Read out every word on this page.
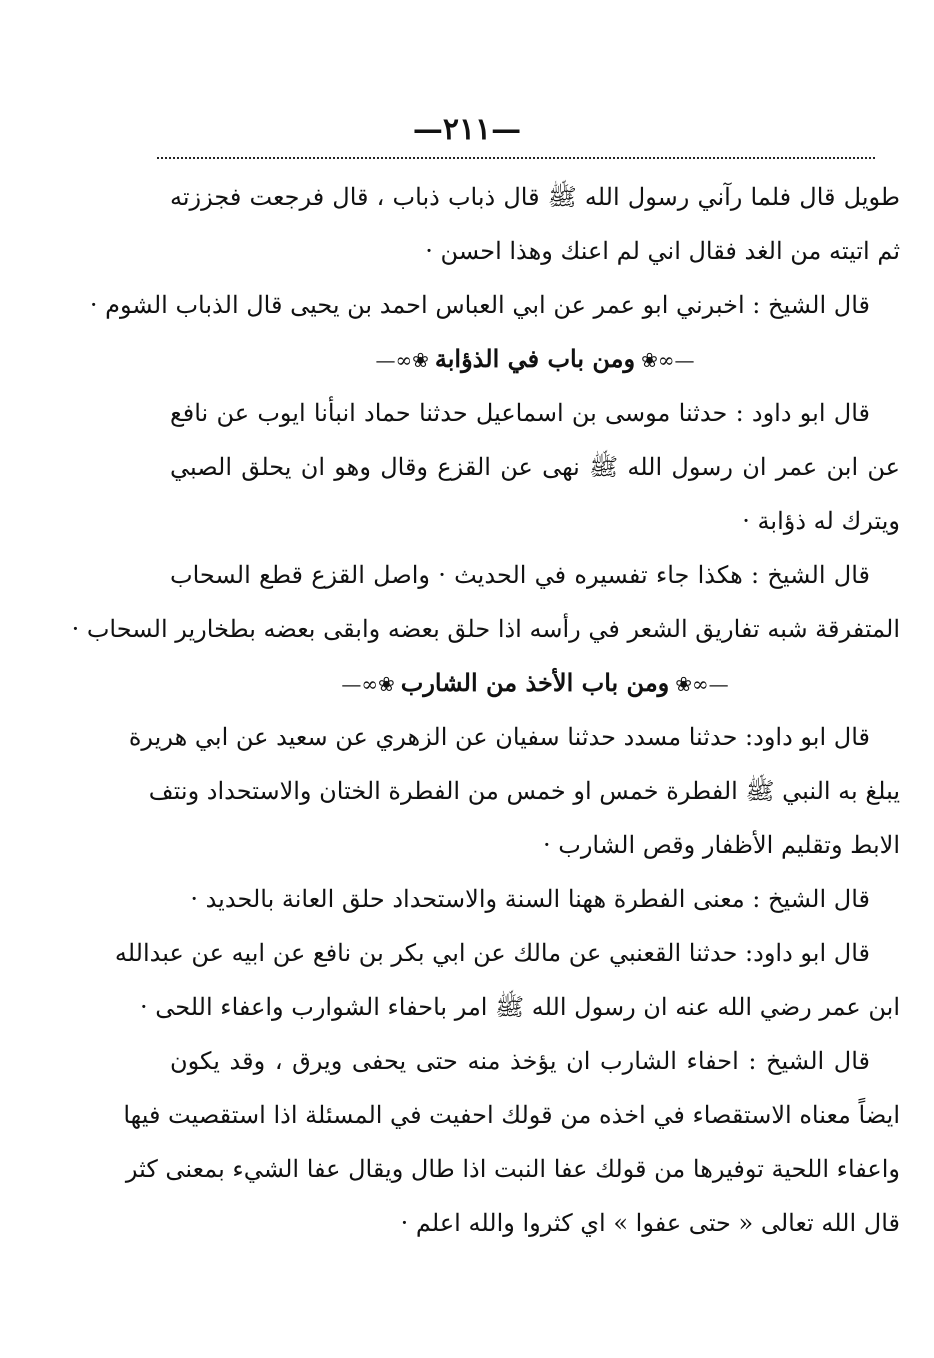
—٢١١—
طويل قال فلما رآني رسول الله ﷺ قال ذباب ذباب ، قال فرجعت فجززته
ثم اتيته من الغد فقال اني لم اعنك وهذا احسن ·
قال الشيخ : اخبرني ابو عمر عن ابي العباس احمد بن يحيى قال الذباب الشوم ·
—∞❀ومن باب في الذؤابة❀∞—
قال ابو داود : حدثنا موسى بن اسماعيل حدثنا حماد انبأنا ايوب عن نافع
عن ابن عمر ان رسول الله ﷺ نهى عن القزع وقال وهو ان يحلق الصبي
ويترك له ذؤابة ·
قال الشيخ : هكذا جاء تفسيره في الحديث · واصل القزع قطع السحاب
المتفرقة شبه تفاريق الشعر في رأسه اذا حلق بعضه وابقى بعضه بطخارير السحاب ·
—∞❀ومن باب الأخذ من الشارب❀∞—
قال ابو داود: حدثنا مسدد حدثنا سفيان عن الزهري عن سعيد عن ابي هريرة
يبلغ به النبي ﷺ الفطرة خمس او خمس من الفطرة الختان والاستحداد ونتف
الابط وتقليم الأظفار وقص الشارب ·
قال الشيخ : معنى الفطرة ههنا السنة والاستحداد حلق العانة بالحديد ·
قال ابو داود: حدثنا القعنبي عن مالك عن ابي بكر بن نافع عن ابيه عن عبدالله
ابن عمر رضي الله عنه ان رسول الله ﷺ امر باحفاء الشوارب واعفاء اللحى ·
قال الشيخ : احفاء الشارب ان يؤخذ منه حتى يحفى ويرق ، وقد يكون
ايضاً معناه الاستقصاء في اخذه من قولك احفيت في المسئلة اذا استقصيت فيها
واعفاء اللحية توفيرها من قولك عفا النبت اذا طال ويقال عفا الشيء بمعنى كثر
قال الله تعالى « حتى عفوا » اي كثروا والله اعلم ·
